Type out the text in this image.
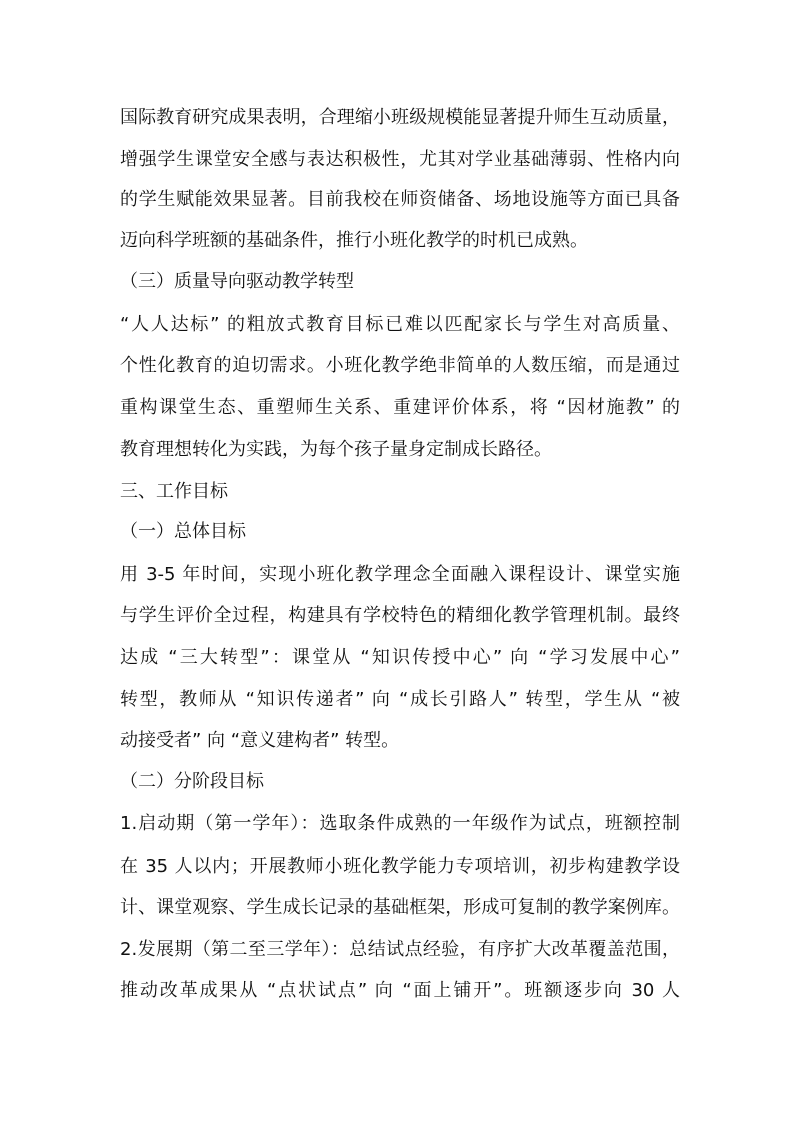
国际教育研究成果表明，合理缩小班级规模能显著提升师生互动质量，
增强学生课堂安全感与表达积极性，尤其对学业基础薄弱、性格内向
的学生赋能效果显著。目前我校在师资储备、场地设施等方面已具备
迈向科学班额的基础条件，推行小班化教学的时机已成熟。
（三）质量导向驱动教学转型
“人人达标” 的粗放式教育目标已难以匹配家长与学生对高质量、
个性化教育的迫切需求。小班化教学绝非简单的人数压缩，而是通过
重构课堂生态、重塑师生关系、重建评价体系，将 “因材施教” 的
教育理想转化为实践，为每个孩子量身定制成长路径。
三、工作目标
（一）总体目标
用 3-5 年时间，实现小班化教学理念全面融入课程设计、课堂实施
与学生评价全过程，构建具有学校特色的精细化教学管理机制。最终
达成 “三大转型”：课堂从 “知识传授中心” 向 “学习发展中心”
转型，教师从 “知识传递者” 向 “成长引路人” 转型，学生从 “被
动接受者” 向 “意义建构者” 转型。
（二）分阶段目标
1.启动期（第一学年）：选取条件成熟的一年级作为试点，班额控制
在 35 人以内；开展教师小班化教学能力专项培训，初步构建教学设
计、课堂观察、学生成长记录的基础框架，形成可复制的教学案例库。
2.发展期（第二至三学年）：总结试点经验，有序扩大改革覆盖范围，
推动改革成果从 “点状试点” 向 “面上铺开”。班额逐步向 30 人
